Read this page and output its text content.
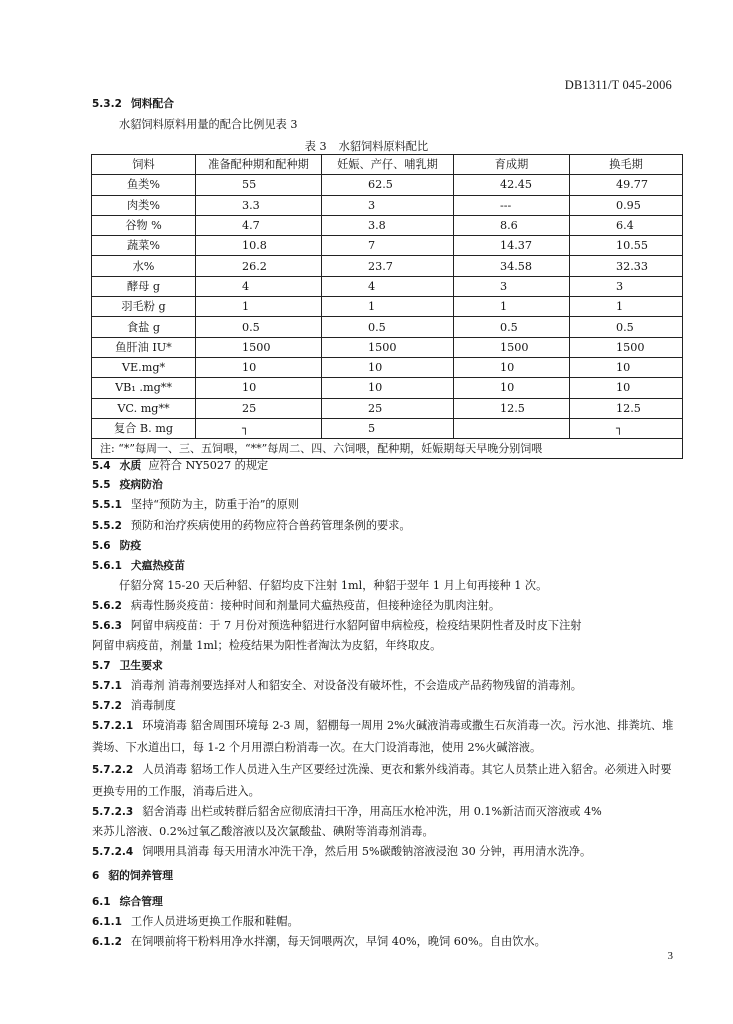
DB1311/T 045-2006
5.3.2 饲料配合
水貂饲料原料用量的配合比例见表 3
表 3 水貂饲料原料配比
饲料	准备配种期和配种期	妊娠、产仔、哺乳期	育成期	换毛期
鱼类%	55	62.5	42.45	49.77
肉类%	3.3	3	---	0.95
谷物 %	4.7	3.8	8.6	6.4
蔬菜%	10.8	7	14.37	10.55
水%	26.2	23.7	34.58	32.33
酵母 g	4	4	3	3
羽毛粉 g	1	1	1	1
食盐 g	0.5	0.5	0.5	0.5
鱼肝油 IU*	1500	1500	1500	1500
VE.mg*	10	10	10	10
VB₁ .mg**	10	10	10	10
VC. mg**	25	25	12.5	12.5
复合 B. mg	┐	5		┐
注: “*”每周一、三、五饲喂，“**”每周二、四、六饲喂，配种期，妊娠期每天早晚分别饲喂				
5.4 水质 应符合 NY5027 的规定
5.5 疫病防治
5.5.1 坚持“预防为主，防重于治”的原则
5.5.2 预防和治疗疾病使用的药物应符合兽药管理条例的要求。
5.6 防疫
5.6.1 犬瘟热疫苗
仔貂分窝 15-20 天后种貂、仔貂均皮下注射 1ml，种貂于翌年 1 月上旬再接种 1 次。
5.6.2 病毒性肠炎疫苗：接种时间和剂量同犬瘟热疫苗，但接种途径为肌肉注射。
5.6.3 阿留申病疫苗：于 7 月份对预选种貂进行水貂阿留申病检疫，检疫结果阴性者及时皮下注射
阿留申病疫苗，剂量 1ml；检疫结果为阳性者淘汰为皮貂，年终取皮。
5.7 卫生要求
5.7.1 消毒剂 消毒剂要选择对人和貂安全、对设备没有破坏性，不会造成产品药物残留的消毒剂。
5.7.2 消毒制度
5.7.2.1 环境消毒 貂舍周围环境每 2-3 周，貂棚每一周用 2%火碱液消毒或撒生石灰消毒一次。污水池、排粪坑、堆粪场、下水道出口，每 1-2 个月用漂白粉消毒一次。在大门设消毒池，使用 2%火碱溶液。
5.7.2.2 人员消毒 貂场工作人员进入生产区要经过洗澡、更衣和紫外线消毒。其它人员禁止进入貂舍。必须进入时要更换专用的工作服，消毒后进入。
5.7.2.3 貂舍消毒 出栏或转群后貂舍应彻底清扫干净，用高压水枪冲洗，用 0.1%新洁而灭溶液或 4%
来苏儿溶液、0.2%过氧乙酸溶液以及次氯酸盐、碘附等消毒剂消毒。
5.7.2.4 饲喂用具消毒 每天用清水冲洗干净，然后用 5%碳酸钠溶液浸泡 30 分钟，再用清水洗净。
6 貂的饲养管理
6.1 综合管理
6.1.1 工作人员进场更换工作服和鞋帽。
6.1.2 在饲喂前将干粉料用净水拌潮，每天饲喂两次，早饲 40%，晚饲 60%。自由饮水。
3
